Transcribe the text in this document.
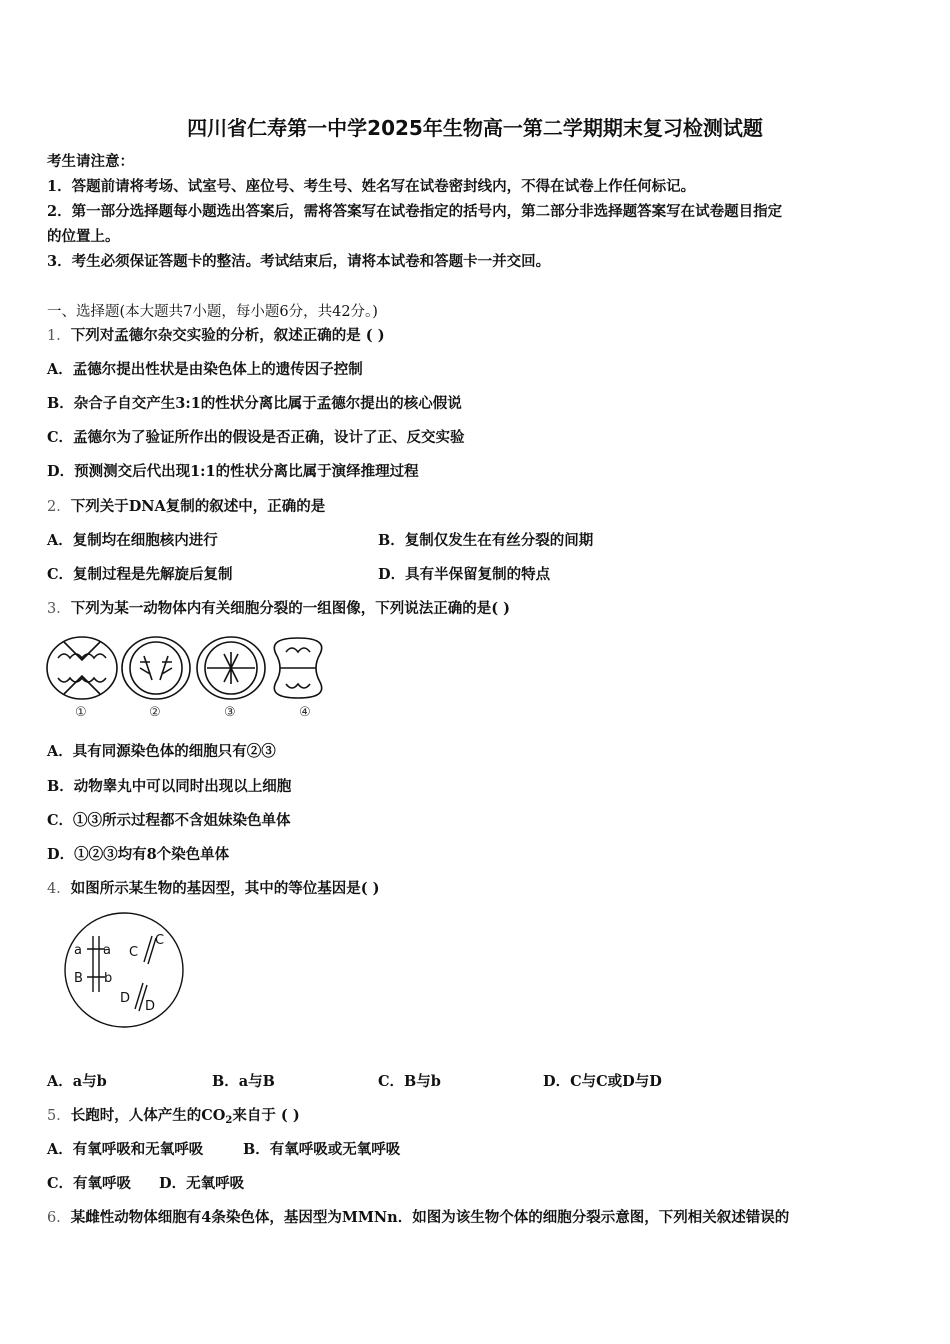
四川省仁寿第一中学2025年生物高一第二学期期末复习检测试题
考生请注意：
1．答题前请将考场、试室号、座位号、考生号、姓名写在试卷密封线内，不得在试卷上作任何标记。
2．第一部分选择题每小题选出答案后，需将答案写在试卷指定的括号内，第二部分非选择题答案写在试卷题目指定
的位置上。
3．考生必须保证答题卡的整洁。考试结束后，请将本试卷和答题卡一并交回。
一、选择题(本大题共7小题，每小题6分，共42分。)
1．下列对孟德尔杂交实验的分析，叙述正确的是 ( )
A．孟德尔提出性状是由染色体上的遗传因子控制
B．杂合子自交产生3:1的性状分离比属于孟德尔提出的核心假说
C．孟德尔为了验证所作出的假设是否正确，设计了正、反交实验
D．预测测交后代出现1:1的性状分离比属于演绎推理过程
2．下列关于DNA复制的叙述中，正确的是
A．复制均在细胞核内进行	B．复制仅发生在有丝分裂的间期
C．复制过程是先解旋后复制	D．具有半保留复制的特点
3．下列为某一动物体内有关细胞分裂的一组图像，下列说法正确的是( )
①	②	③	④
A．具有同源染色体的细胞只有②③
B．动物睾丸中可以同时出现以上细胞
C．①③所示过程都不含姐妹染色单体
D．①②③均有8个染色单体
4．如图所示某生物的基因型，其中的等位基因是( )
a a
B b
C
C
D
D
A．a与b	B．a与B	C．B与b	D．C与C或D与D
5．长跑时，人体产生的$CO_2$来自于 ( )
A．有氧呼吸和无氧呼吸	B．有氧呼吸或无氧呼吸
C．有氧呼吸 D．无氧呼吸
6．某雌性动物体细胞有4条染色体，基因型为MMNn．如图为该生物个体的细胞分裂示意图，下列相关叙述错误的
